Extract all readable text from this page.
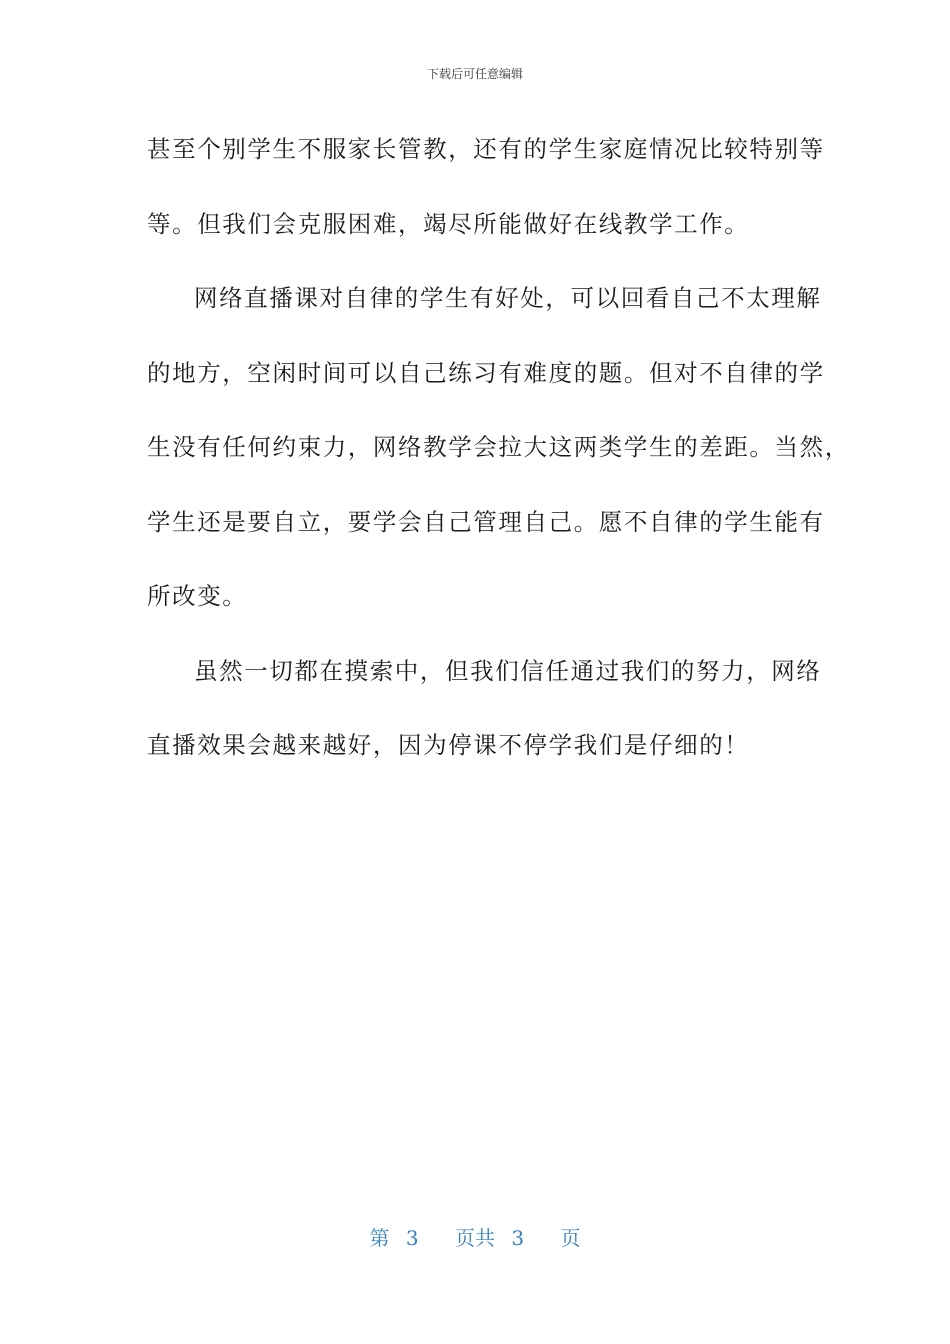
下载后可任意编辑
甚至个别学生不服家长管教，还有的学生家庭情况比较特别等
等。但我们会克服困难，竭尽所能做好在线教学工作。
网络直播课对自律的学生有好处，可以回看自己不太理解
的地方，空闲时间可以自己练习有难度的题。但对不自律的学
生没有任何约束力，网络教学会拉大这两类学生的差距。当然，
学生还是要自立，要学会自己管理自己。愿不自律的学生能有
所改变。
虽然一切都在摸索中，但我们信任通过我们的努力，网络
直播效果会越来越好，因为停课不停学我们是仔细的！
第 3 页共 3 页
